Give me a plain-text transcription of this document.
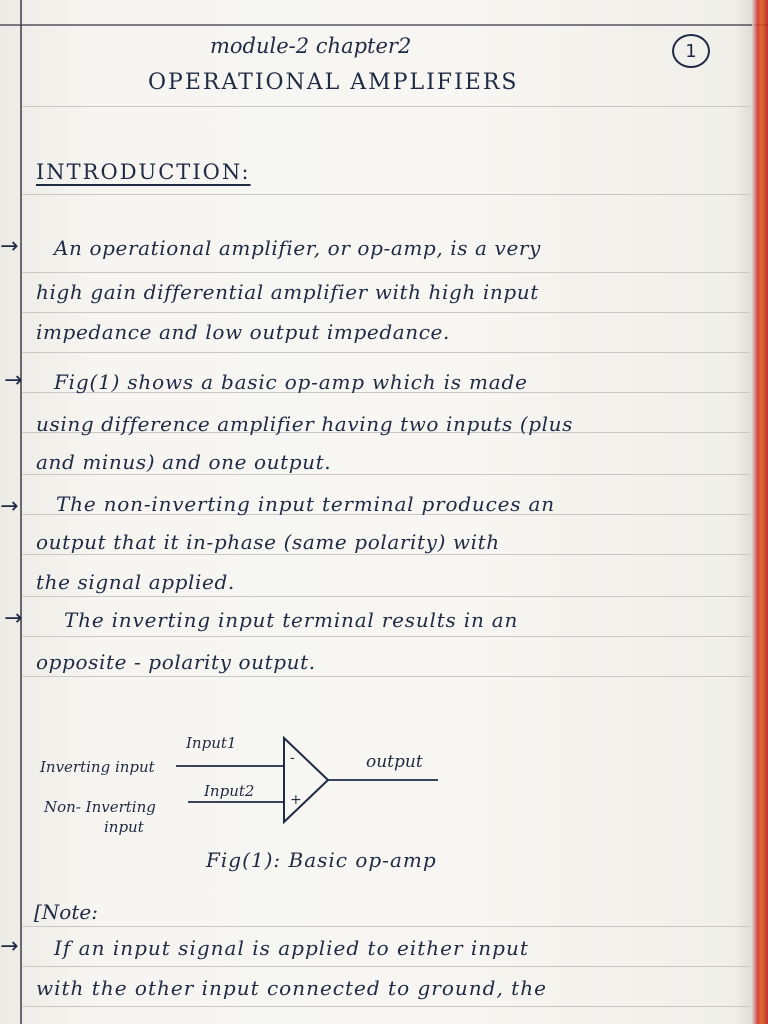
module-2 chapter2	1
OPERATIONAL AMPLIFIERS
INTRODUCTION:
→ An operational amplifier, or op-amp, is a very
high gain differential amplifier with high input
impedance and low output impedance.
→ Fig(1) shows a basic op-amp which is made
using difference amplifier having two inputs (plus
and minus) and one output.
→ The non-inverting input terminal produces an
output that it in-phase (same polarity) with
the signal applied.
→ The inverting input terminal results in an
opposite - polarity output.
-
+
Input1
Input2
Inverting input
Non- Inverting
input
output
Fig(1): Basic op-amp
[Note:
→ If an input signal is applied to either input
with the other input connected to ground, the
